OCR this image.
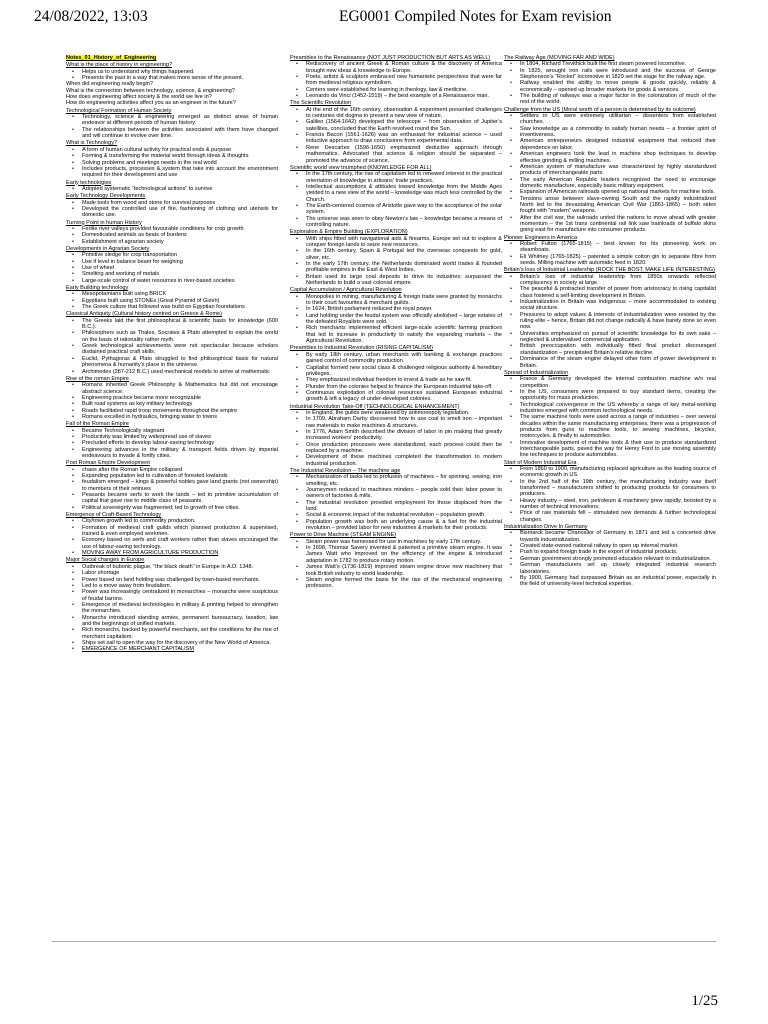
24/08/2022, 13:03	EG0001 Compiled Notes for Exam revision
Notes_01_History_of_Engineering
What is the place of history in engineering?
• Helps us to understand why things happened.
• Presents the past in a way that makes more sense of the present.
When did engineering really begin?
What is the connection between technology, science, & engineering?
How does engineering affect society & the world we live in?
How do engineering activities affect you as an engineer in the future?
Technological Formation of Human Society
• Technology, science & engineering emerged as distinct areas of human endeavor at different periods of human history.
• The relationships between the activities associated with them have changed and will continue to evolve over time.
What is Technology?
• A form of human cultural activity for practical ends & purpose
• Forming & transforming the material world through ideas & thoughts
• Solving problems and meetings needs in the real world
• Includes products, processes & system that take into account the environment required for their development and use
Early technologies
• Adopted systematic “technological actions” to survive
Early Technology Developments
• Made tools from wood and stone for survival purposes
• Developed the controlled use of fire, fashioning of clothing and utensils for domestic use.
Turning Point in human History
• Fertile river valleys provided favourable conditions for crop growth
• Domesticated animals as beats of burdens
• Establishment of agrarian society
Developments in Agrarian Society
• Primitive sledge for crop transportation
• Use if level in balance beam for weighing
• Use of wheel
• Smelting and working of metals
• Large-scale control of water resources in river-based societies
Early Building technology
• Mesopotamians built using BRICK
• Egyptians built using STONEs (Great Pyramid of Gizeh)
• The Greek culture that followed was build on Egyptian foundations
Classical Antiquity (Cultural history centred on Greece & Rome)
• The Greeks laid the first philosophical & scientific basis for knowledge (600 B.C.).
• Philosophers such as Thales, Socrates & Plato attempted to explain the world on the basis of rationality rather myth.
• Greek technological achievements were not spectacular because scholars disdained practical craft skills.
• Euclid, Pythagoras & Plato struggled to find philosophical basis for natural phenomena & humanity’s place in the universe.
• Archimedes (287-212 B.C.) used mechanical models to arrive at mathematic
Rise of the roman Empire
• Romans inherited Greek Philosophy & Mathematics but did not encourage abstract science.
• Engineering practice became more recognizable
• Built road systems as key military technology
• Roads facilitated rapid troop movements throughout the empire
• Romans excelled in hydraulics, bringing water to towns
Fall of the Roman Empire
• Became Technologically stagnant
• Productivity was limited by widespread use of slaves
• Precluded efforts to develop labour-saving technology
• Engineering advances in the military & transport fields driven by imperial endeavours to invade & fortify cities.
Post Roman Empire Development
• chaos after the Roman Empire collapsed
• Expanding population led to cultivation of forested lowlands
• feudalism emerged – kings & powerful nobles gave land grants (not ownership) to members of their retinues
• Peasants became serfs to work the lands – led to primitive accumulation of capital that gave rise to middle class of peasants.
• Political sovereignty was fragmented; led to growth of free cities.
Emergence of Craft-Based Technology
• City/town growth led to commodity production.
• Formation of medieval craft guilds which planned production & supervised, trained & even employed workmen.
• Economy based on serfs and craft workers rather than slaves encouraged the use of labour-saving technology.
• MOVING AWAY FROM AGRICULTURE PRODUCTION
Major Social changes in Europe
• Outbreak of bubonic plague, “the black death” in Europe in A.D. 1348.
• Labor shortage
• Power based on land holding was challenged by town-based merchants.
• Led to a move away from feudalism.
• Power was increasingly centralized in monarchies – monarchs were suspicious of feudal barons.
• Emergence of medieval technologies in military & printing helped to strengthen the monarchies.
• Monarchs introduced standing armies, permanent bureaucracy, taxation, law and the beginnings of unified markets.
• Rich monarchs, backed by powerful merchants, set the conditions for the rise of merchant capitalism.
• Ships set sail to open the way for the discovery of the New World of America.
• EMERGENCE OF MERCHANT CAPITALISM
Preambles to the Renaissance (NOT JUST PRODUCTION BUT ARTS AS WELL)
• Rediscovery of ancient Greek & Roman culture & the discovery of America brought new ideas & knowledge to Europe.
• Poets, artists & sculptors embraced new humanistic perspectives that were far from medieval religious symbolism.
• Centers were established for learning in theology, law & medicine.
• Leonardo da Vinci (1452-1519) – the best example of a Renaissance man.
The Scientific Revolution
• At the end of the 16th century, observation & experiment presented challenges to centuries old dogma to present a new view of nature.
• Galileo (1564-1642) developed the telescope – from observation of Jupiter’s satellites, concluded that the Earth revolved round the Sun.
• Francis Bacon (1561-1626) was an enthusiast for industrial science – used inductive approach to draw conclusions from experimental data.
• Rene Descartes (1596-1650) emphasized deductive approach through mathematics. Advocated that science & religion should be separated – promoted the advance of science.
Scientific world view triumphed (KNOWLEDGE FOR ALL)
• In the 17th century, the rise of capitalism led to renewed interest in the practical orientation of knowledge in artisans’ trade practices.
• Intellectual assumptions & attitudes toward knowledge from the Middle Ages yielded to a new view of the world – knowledge was much less controlled by the Church.
• The Earth-centered cosmos of Aristotle gave way to the acceptance of the solar system.
• The universe was seen to obey Newton’s law – knowledge became a means of controlling nature.
Exploration & Empire Building (EXPLORATION)
• With ships fitted with navigational aids & firearms, Europe set out to explore & conquer foreign lands to seize new resources.
• In the 16th century, Spain & Portugal led the overseas conquests for gold, silver, etc.
• In the early 17th century, the Netherlands dominated world trades & founded profitable empires in the East & West Indies.
• Britain used its large coal deposits to drive its industries; surpassed the Netherlands to build a vast colonial empire.
Capital Accumulation / Agricultural Revolution
• Monopolies in mining, manufacturing & foreign trade were granted by monarchs to their court favourites & merchant guilds.
• In 1624, British parliament reduced the royal power.
• Land holding under the feudal system was officially abolished – large estates of the defeated Royalists were sold.
• Rich merchants implemented efficient large-scale scientific farming practices that led to increase in productivity to satisfy the expanding markets – the Agricultural Revolution.
Preambles to Industrial Revolution (RISING CAPITALISM)
• By early 18th century, urban merchants with banking & exchange practices gained control of commodity production.
• Capitalist formed new social class & challenged religious authority & hereditary privileges.
• They emphasized individual freedom to invest & trade as he saw fit.
• Plunder from the colonies helped to finance the European industrial take-off.
• Continuous exploitation of colonial resources sustained European industrial growth & left a legacy of under-developed colonies.
Industrial Revolution Take-Off (TECHNOLOGICAL ENHANCEMENT)
• In England, the guilds were weakened by antimonopoly legislation.
• In 1709, Abraham Darby discovered how to use coal to smelt iron – important raw materials to make machines & structures.
• In 1776, Adam Smith described the division of labor in pin making that greatly increased workers’ productivity.
• Once production processes were standardized, each process could then be replaced by a machine.
• Development of these machines completed the transformation to modern industrial production.
The Industrial Revolution – The machine age
• Mechanization of tasks led to profusion of machines – for spinning, sewing, iron smelting, etc.
• Journeymen reduced to machines minders – people sold their labor power to owners of factories & mills.
• The industrial revolution provided employment for those displaced from the land.
• Social & economic impact of the industrial revolution – population growth.
• Population growth was both an underlying cause & a fuel for the industrial revolution – provided labor for new industries & markets for their products.
Power to Drive Machine (STEAM ENGINE)
• Steam power was harnessed for use in machines by early 17th century.
• In 1698, Thomas Savery invented & patented a primitive steam engine. It was James Watt who improved on the efficiency of the engine & introduced adaptation in 1782 to produce rotary motion.
• James Watt’s (1736-1819) improved steam engine drove new machinery that took British industry to world leadership.
• Steam engine formed the basis for the rise of the mechanical engineering profession.
The Railway Age (MOVING FAR AND WIDE)
• In 1804, Richard Trevithick built the first steam powered locomotive.
• In 1825, wrought iron rails were introduced and the success of George Stephenson’s “Rocket” locomotive in 1829 set the stage for the railway age.
• Railway enabled the ability to move people & goods quickly, reliably & economically – opened up broader markets for goods & services.
• The building of railways was a major factor in the colonization of much of the rest of the world.
Challenge from the US (Moral worth of a person is determined by its outcome)
• Settlers in US were extremely utilitarian – dissenters from established churches.
• Saw knowledge as a commodity to satisfy human needs – a frontier spirit of inventiveness.
• American entrepreneurs designed industrial equipment that reduced their dependence on labor.
• American engineers took the lead in machine shop techniques to develop effective grinding & milling machines.
• American system of manufacture was characterized by highly standardized products of interchangeable parts.
• The early American Republic leaders recognized the need to encourage domestic manufacture, especially basic military equipment.
• Expansion of American railroads opened up national markets for machine tools.
• Tensions arose between slave-owning South and the rapidly industrialized North led to the devastating American Civil War (1861-1865) – both sides fought with “modern” weapons.
• After the civil war, the railroads united the nations to move ahead with greater momentum – the 1st trans continental rail link saw trainloads of buffalo skins going east for manufacture into consumer products.
Pioneer Engineers in America
• Robert Fulton (1765-1815) – best known for his pioneering work on steamboats.
• Eli Whitney (1765-1825) – patented a simple cotton gin to separate fibre from seeds. Milling machine with automatic feed in 1820.
Britain’s loss of Industrial Leadership (ROCK THE BOST, MAKE LIFE INTERESTING)
• Britain’s loss of industrial leadership from 1850s onwards reflected complacency in society at large.
• The peaceful & protracted transfer of power from aristocracy to rising capitalist class fostered a self-limiting development in Britain.
• Industrialization in Britain was indigenous – more accommodated to existing social structure.
• Pressures to adopt values & interests of industrialization were resisted by the ruling elite – hence, Britain did not change radically & have barely done so even now.
• Universities emphasized on pursuit of scientific knowledge for its own sake – neglected & undervalued commercial application.
• British preoccupation with individually fitted final product discouraged standardization – precipitated Britain’s relative decline.
• Dominance of the steam engine delayed other form of power development in Britain.
Spread of Industrialization
• France & Germany developed the internal combustion machine w/o real competition.
• In the US, consumers were prepared to buy standard items, creating the opportunity for mass production.
• Technological convergence in the US whereby a range of key metal-working industries emerged with common technological needs.
• The same machine tools were used across a range of industries – over several decades within the same manufacturing enterprises, there was a progression of products from guns to machine tools, to sewing machines, bicycles, motorcycles, & finally to automobiles.
• Innovative development of machine tools & their use to produce standardized interchangeable parts, paved the way for Henry Ford to use moving assembly line techniques to produce automobiles.
Start of Modern Industrial Era
• From 1860 to 1900, manufacturing replaced agriculture as the leading source of economic growth in US.
• In the 2nd half of the 19th century, the manufacturing industry was itself transformed – manufacturers shifted to producing products for consumers to producers.
• Heavy industry – steel, iron, petroleum & machinery grew rapidly, boosted by a number of technical innovations.
• Price of raw materials fell – stimulated new demands & further technological changes.
Industrialization Drive In Germany
• Bismarck became Chancellor of Germany in 1871 and led a concerted drive towards industrialization.
• Created state-owned national railway to open up internal market.
• Push to expand foreign trade in the export of industrial products.
• German government strongly promoted education relevant to industrialization.
• German manufacturers set up closely integrated industrial research laboratories.
• By 1900, Germany had surpassed Britain as an industrial power, especially in the field of university-level technical expertise.
1/25
